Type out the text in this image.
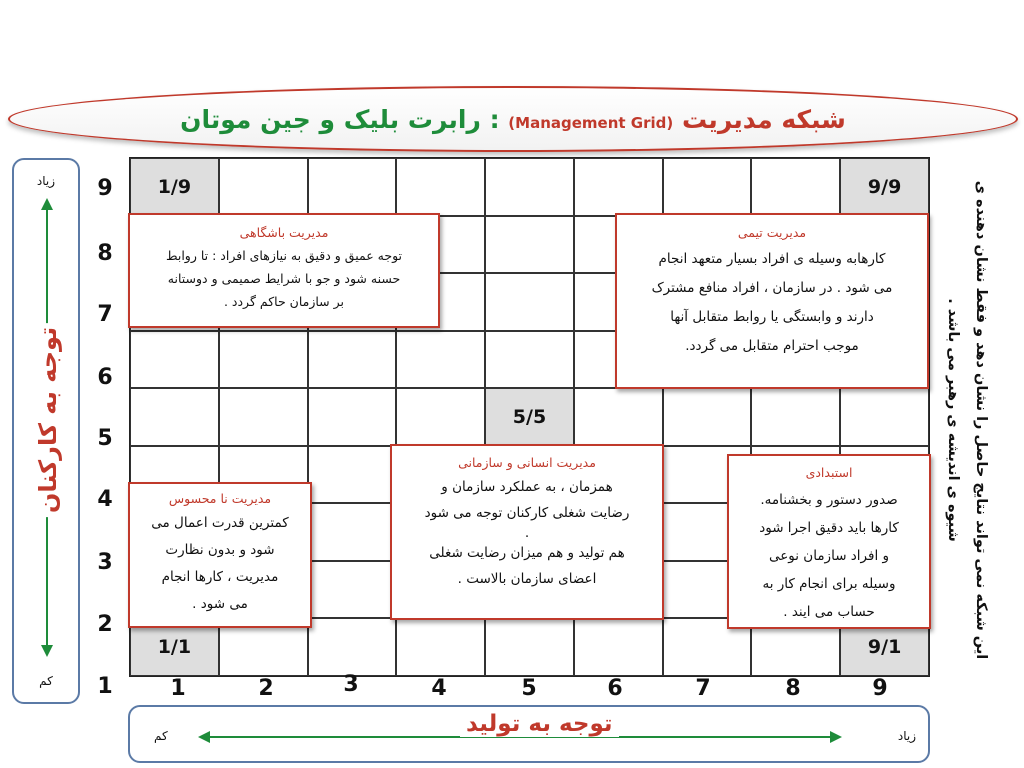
شبکه مدیریت (Management Grid) : رابرت بلیک و جین موتان
1/9	9/9
5/5
1/1	9/1
9
8
7
6
5
4
3
2
1	1	2	3	4	5	6	7	8	9
مدیریت باشگاهی
توجه عمیق و دقیق به نیازهای افراد : تا روابط
حسنه شود و جو با شرایط صمیمی و دوستانه
بر سازمان حاکم گردد .
مدیریت تیمی
کارهابه وسیله ی افراد بسیار متعهد انجام
می شود . در سازمان ، افراد منافع مشترک
دارند و وابستگی یا روابط متقابل آنها
موجب احترام متقابل می گردد.
مدیریت انسانی و سازمانی
همزمان ، به عملکرد سازمان و
رضایت شغلی کارکنان توجه می شود
.
هم تولید و هم میزان رضایت شغلی
اعضای سازمان بالاست .
مدیریت نا محسوس
کمترین قدرت اعمال می
شود و بدون نظارت
مدیریت ، کارها انجام
می شود .
استبدادی
صدور دستور و بخشنامه.
کارها باید دقیق اجرا شود
و افراد سازمان نوعی
وسیله برای انجام کار به
حساب می ایند .
زیاد
توجه به کارکنان
کم
کم	توجه به تولید	زیاد
این شبکه نمی تواند نتایج حاصل را نشان دهد و فقط نشان دهنده ی
شیوه ی اندیشه ی رهبر می باشد .
